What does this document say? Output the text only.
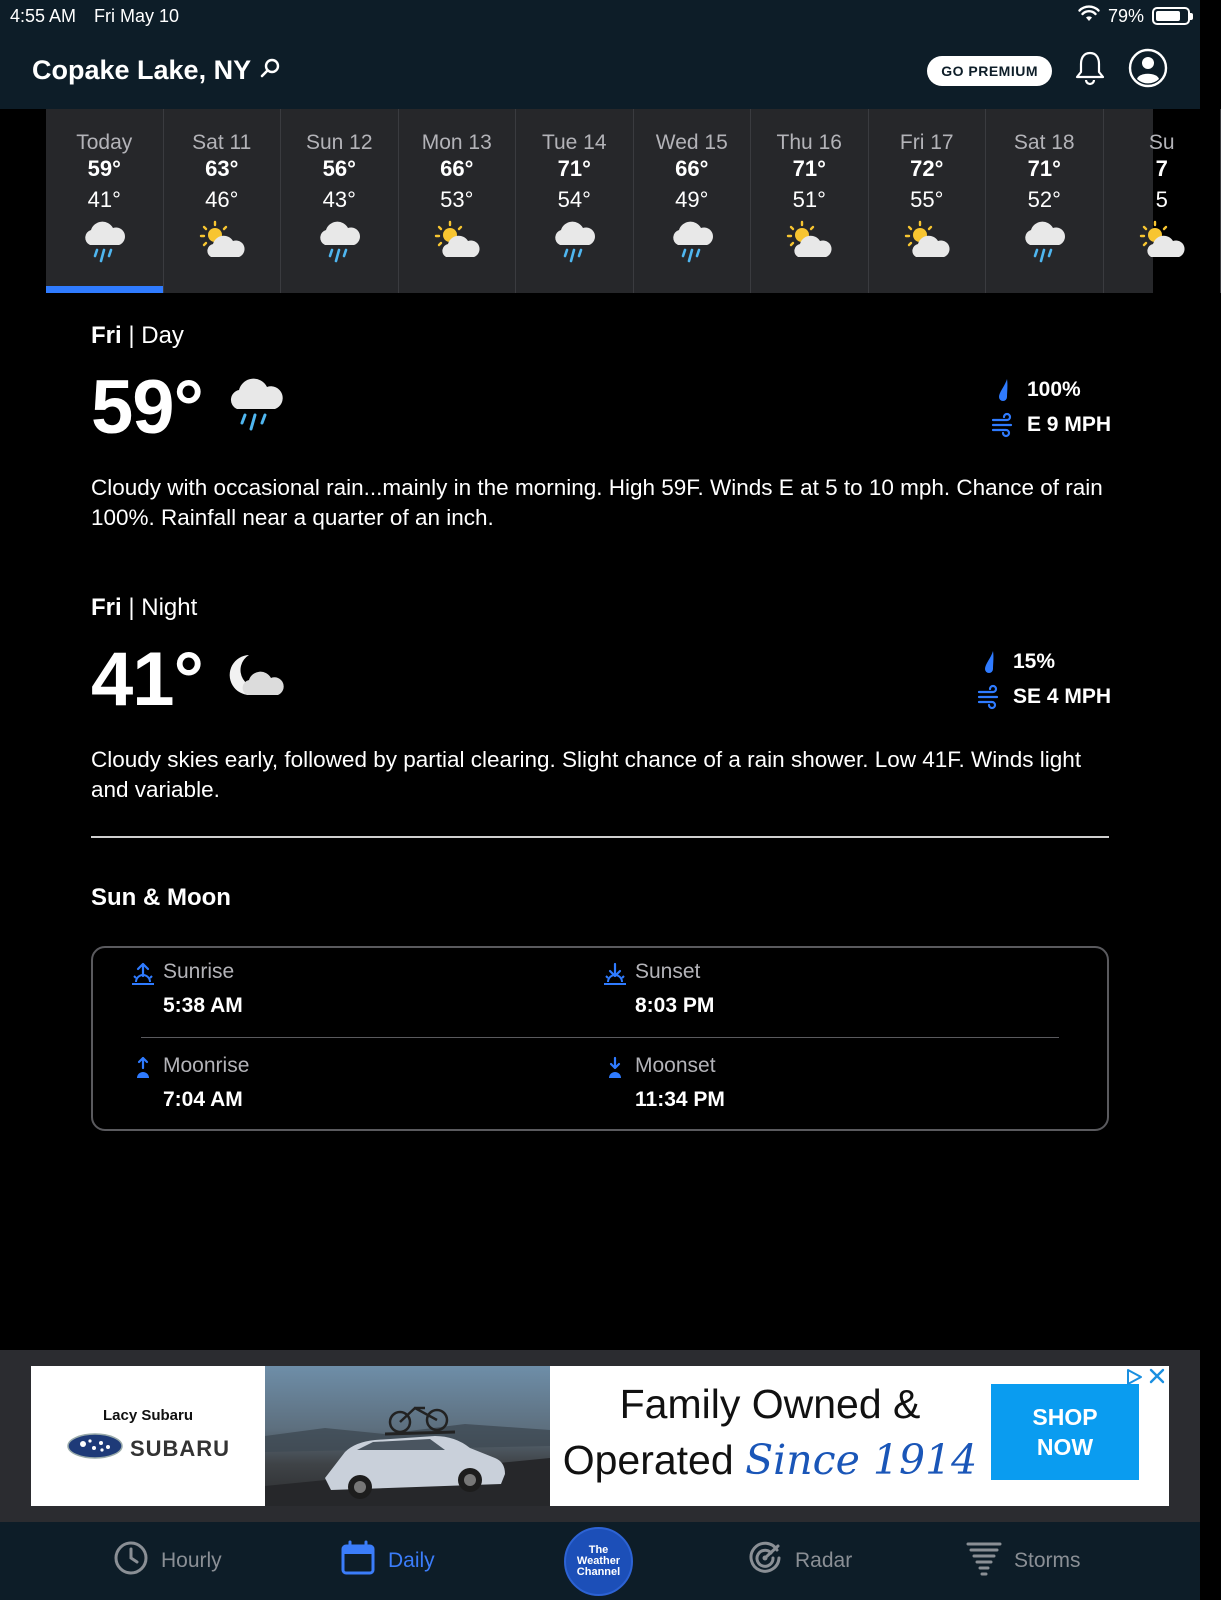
4:55 AM Fri May 10	79%
Copake Lake, NY	GO PREMIUM
Today
59°
41°
Sat 11
63°
46°
Sun 12
56°
43°
Mon 13
66°
53°
Tue 14
71°
54°
Wed 15
66°
49°
Thu 16
71°
51°
Fri 17
72°
55°
Sat 18
71°
52°
Su
7
5
Fri | Day
59°	100%
E 9 MPH
Cloudy with occasional rain...mainly in the morning. High 59F. Winds E at 5 to 10 mph. Chance of rain 100%. Rainfall near a quarter of an inch.
Fri | Night
41°	15%
SE 4 MPH
Cloudy skies early, followed by partial clearing. Slight chance of a rain shower. Low 41F. Winds light and variable.
Sun & Moon
Sunrise
5:38 AM
Sunset
8:03 PM
Moonrise
7:04 AM
Moonset
11:34 PM
Lacy Subaru
SUBARU
Family Owned &
Operated Since 1914
SHOP
NOW
Hourly	Daily	The
Weather
Channel	Radar	Storms
